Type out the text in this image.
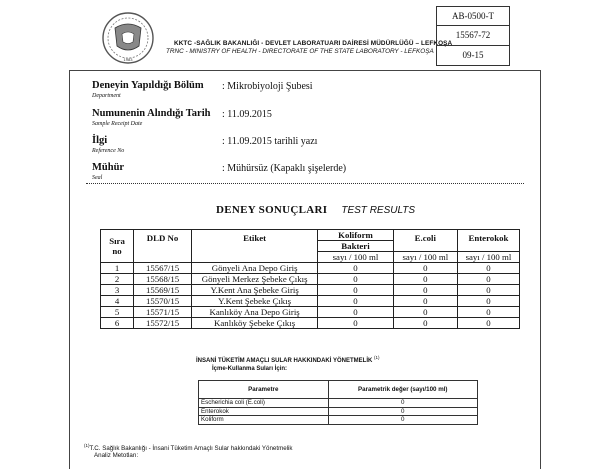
1983
KKTC -SAĞLIK BAKANLIĞI - DEVLET LABORATUARI DAİRESİ MÜDÜRLÜĞÜ – LEFKOŞA
TRNC - MINISTRY OF HEALTH - DIRECTORATE OF THE STATE LABORATORY - LEFKOŞA
AB-0500-T
15567-72
09-15
Deneyin Yapıldığı Bölüm
Department
: Mikrobiyoloji Şubesi
Numunenin Alındığı Tarih
Sample Receipt Date
: 11.09.2015
İlgi
Reference No
: 11.09.2015 tarihli yazı
Mühür
Seal
: Mühürsüz (Kapaklı şişelerde)
DENEY SONUÇLARI TEST RESULTS
Sıra
no	DLD No	Etiket	Koliform	E.coli	Enterokok
			Bakteri		
			sayı / 100 ml	sayı / 100 ml	sayı / 100 ml
1	15567/15	Gönyeli Ana Depo Giriş	0	0	0
2	15568/15	Gönyeli Merkez Şebeke Çıkış	0	0	0
3	15569/15	Y.Kent Ana Şebeke Giriş	0	0	0
4	15570/15	Y.Kent Şebeke Çıkış	0	0	0
5	15571/15	Kanlıköy Ana Depo Giriş	0	0	0
6	15572/15	Kanlıköy Şebeke Çıkış	0	0	0
İNSANİ TÜKETİM AMAÇLI SULAR HAKKINDAKİ YÖNETMELİK $^{(1)}$
İçme-Kullanma Suları İçin:
Parametre	Parametrik değer (sayı/100 ml)
Escherichia coli (E.coli)	0
Enterokok	0
Koliform	0
$^{(1)}$T.C. Sağlık Bakanlığı - İnsani Tüketim Amaçlı Sular hakkındaki Yönetmelik
Analiz Metotları:
